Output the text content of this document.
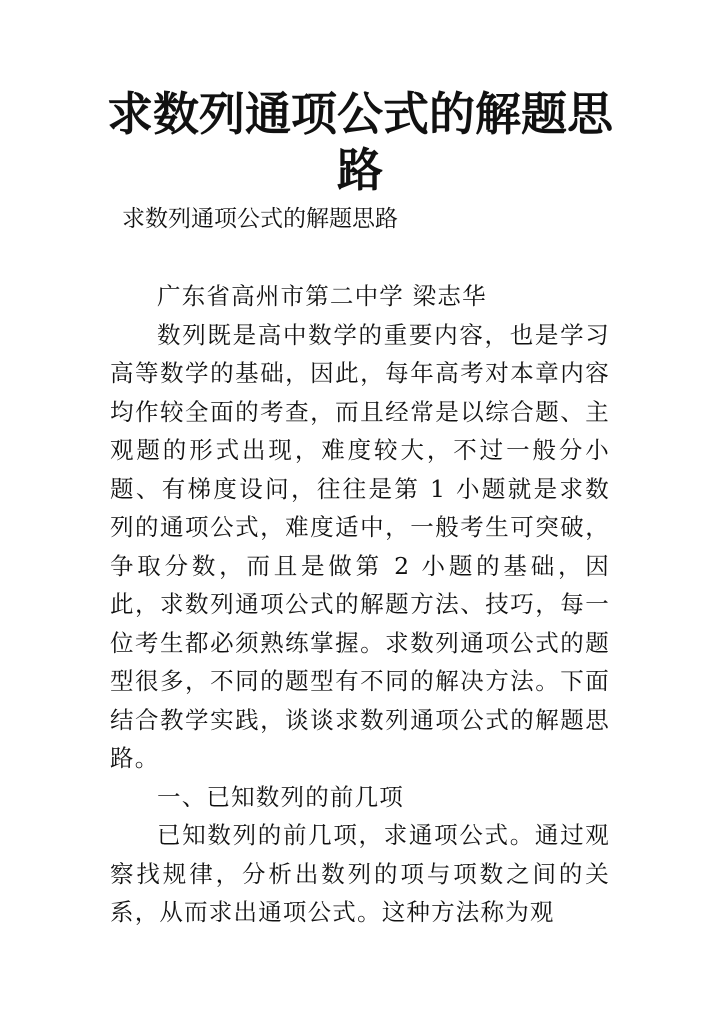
求数列通项公式的解题思路
求数列通项公式的解题思路

广东省高州市第二中学 梁志华

数列既是高中数学的重要内容，也是学习高等数学的基础，因此，每年高考对本章内容均作较全面的考查，而且经常是以综合题、主观题的形式出现，难度较大，不过一般分小题、有梯度设问，往往是第 1 小题就是求数列的通项公式，难度适中，一般考生可突破，争取分数，而且是做第 2 小题的基础，因此，求数列通项公式的解题方法、技巧，每一位考生都必须熟练掌握。求数列通项公式的题型很多，不同的题型有不同的解决方法。下面结合教学实践，谈谈求数列通项公式的解题思路。

一、已知数列的前几项

已知数列的前几项，求通项公式。通过观察找规律，分析出数列的项与项数之间的关系，从而求出通项公式。这种方法称为观
